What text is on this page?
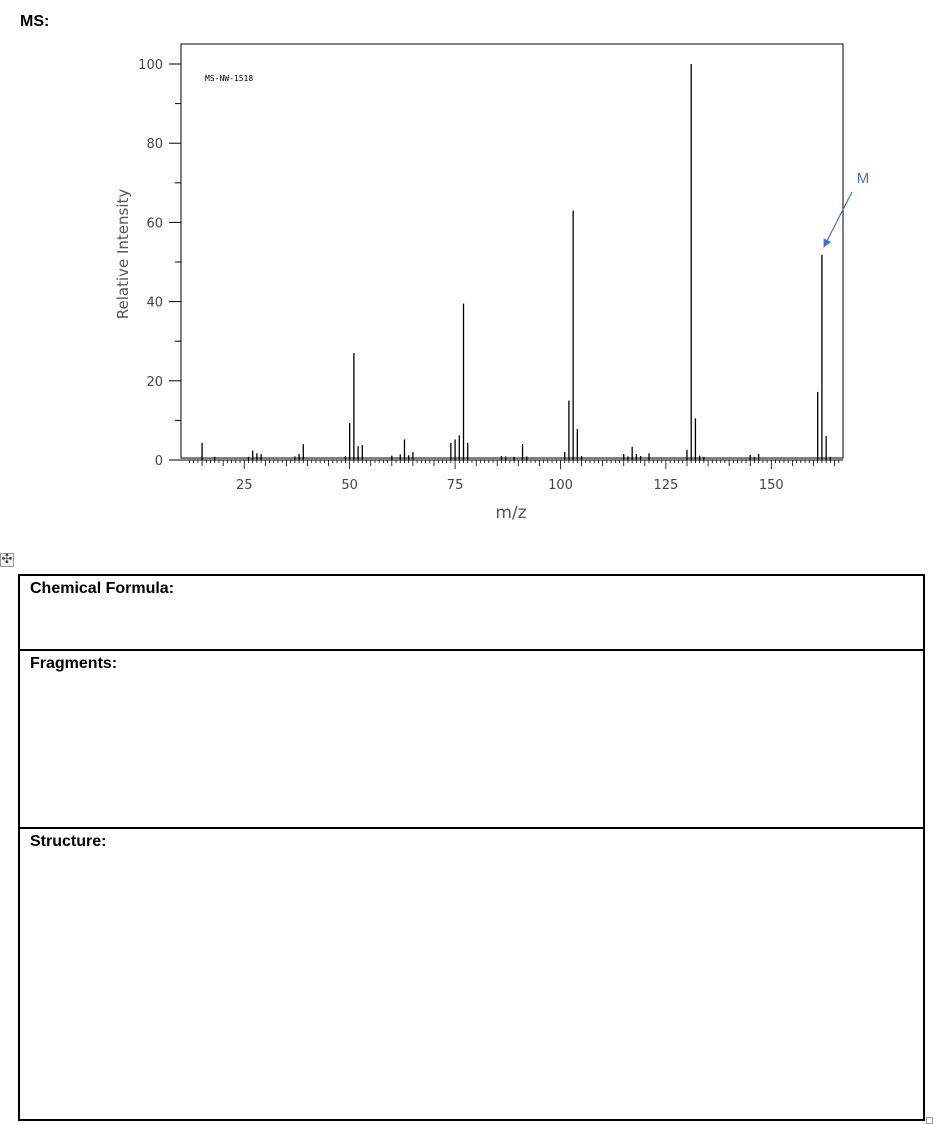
MS:
0
20
40
60
80
100
25	50	75	100	125	150
MS-NW-1518
Relative Intensity
m/z
M
✣
Chemical Formula:
Fragments:
Structure:
